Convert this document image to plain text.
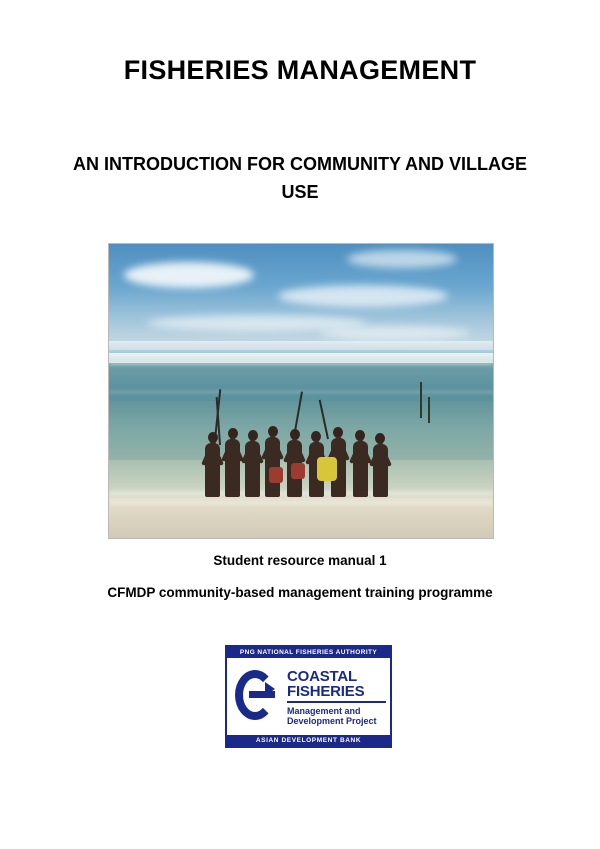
FISHERIES MANAGEMENT
AN INTRODUCTION FOR COMMUNITY AND VILLAGE USE
Student resource manual 1
CFMDP community-based management training programme
PNG NATIONAL FISHERIES AUTHORITY
COASTAL
FISHERIES
Management and
Development Project
ASIAN DEVELOPMENT BANK
